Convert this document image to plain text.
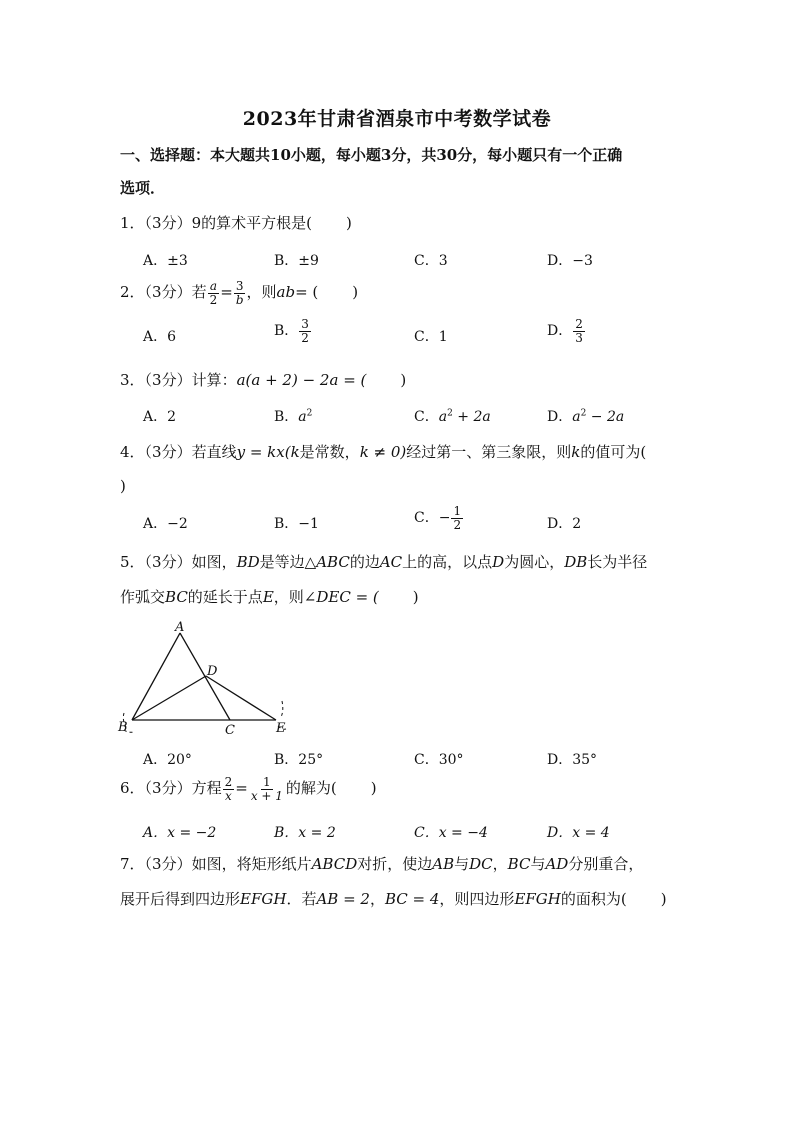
2023年甘肃省酒泉市中考数学试卷
一、选择题：本大题共10小题，每小题3分，共30分，每小题只有一个正确
选项．
1．（3分）9的算术平方根是( )
A．±3	B．±9	C．3	D．−3
2．（3分）若 $\frac{a}{2} = \frac{3}{b}$ ，则ab= ( )
A．6	B． $\frac{3}{2}$	C．1	D． $\frac{2}{3}$
3．（3分）计算：a(a + 2) − 2a = ( )
A．2	B．$a^2$	C．$a^2 + 2a$	D．$a^2 - 2a$
4．（3分）若直线y = kx(k是常数，k ≠ 0)经过第一、第三象限，则k的值可为(
)
A．−2	B．−1	C．− $\frac{1}{2}$	D．2
5．（3分）如图，BD是等边△ABC的边AC上的高，以点D为圆心，DB长为半径
作弧交BC的延长于点E，则∠DEC = ( )
A
D
B	C	E
A．20°	B．25°	C．30°	D．35°
6．（3分）方程 $\frac{2}{x} = \frac{1}{x + 1}$ 的解为( )
A．x = −2	B．x = 2	C．x = −4	D．x = 4
7．（3分）如图，将矩形纸片ABCD对折，使边AB与DC，BC与AD分别重合，
展开后得到四边形EFGH．若AB = 2，BC = 4，则四边形EFGH的面积为( )
